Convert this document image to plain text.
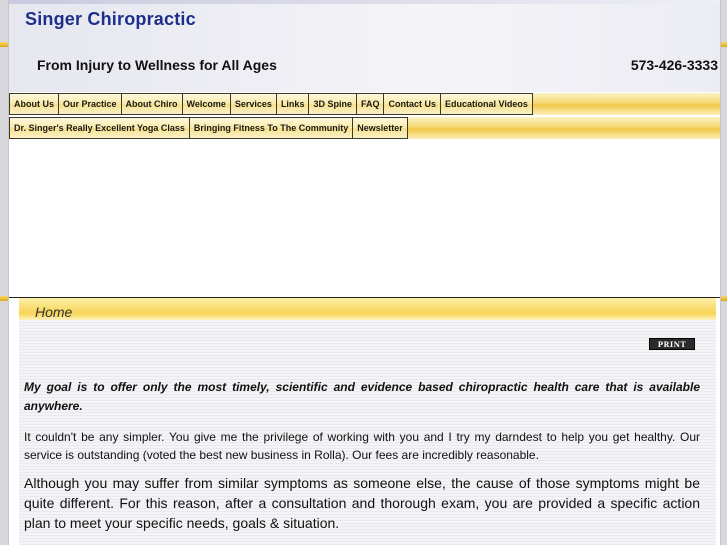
Singer Chiropractic
From Injury to Wellness for All Ages	573-426-3333
About Us	Our Practice	About Chiro	Welcome	Services	Links	3D Spine	FAQ	Contact Us	Educational Videos
Dr. Singer's Really Excellent Yoga Class	Bringing Fitness To The Community	Newsletter
Home
PRINT
My goal is to offer only the most timely, scientific and evidence based chiropractic health care that is available anywhere.
It couldn't be any simpler. You give me the privilege of working with you and I try my darndest to help you get healthy. Our service is outstanding (voted the best new business in Rolla). Our fees are incredibly reasonable.
Although you may suffer from similar symptoms as someone else, the cause of those symptoms might be quite different. For this reason, after a consultation and thorough exam, you are provided a specific action plan to meet your specific needs, goals & situation.
